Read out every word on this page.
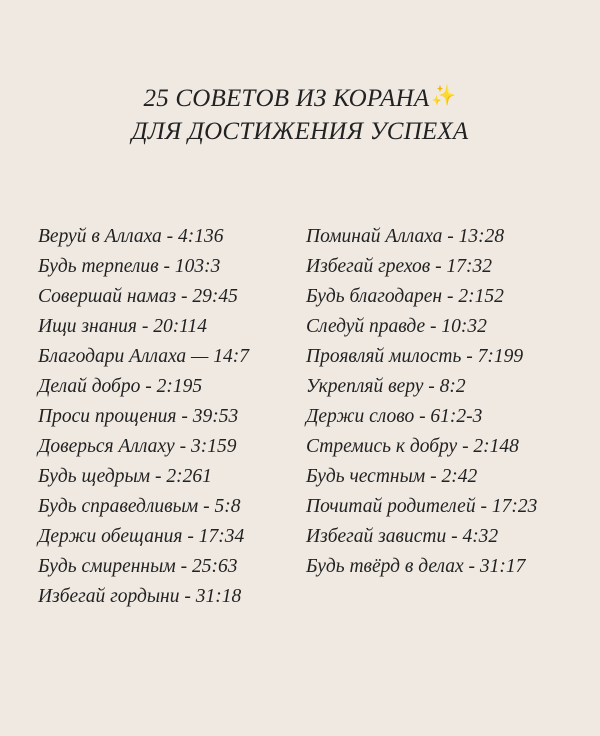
25 СОВЕТОВ ИЗ КОРАНА ✨
ДЛЯ ДОСТИЖЕНИЯ УСПЕХА
Веруй в Аллаха - 4:136
Будь терпелив - 103:3
Совершай намаз - 29:45
Ищи знания - 20:114
Благодари Аллаха — 14:7
Делай добро - 2:195
Проси прощения - 39:53
Доверься Аллаху - 3:159
Будь щедрым - 2:261
Будь справедливым - 5:8
Держи обещания - 17:34
Будь смиренным - 25:63
Избегай гордыни - 31:18
Поминай Аллаха - 13:28
Избегай грехов - 17:32
Будь благодарен - 2:152
Следуй правде - 10:32
Проявляй милость - 7:199
Укрепляй веру - 8:2
Держи слово - 61:2-3
Стремись к добру - 2:148
Будь честным - 2:42
Почитай родителей - 17:23
Избегай зависти - 4:32
Будь твёрд в делах - 31:17
